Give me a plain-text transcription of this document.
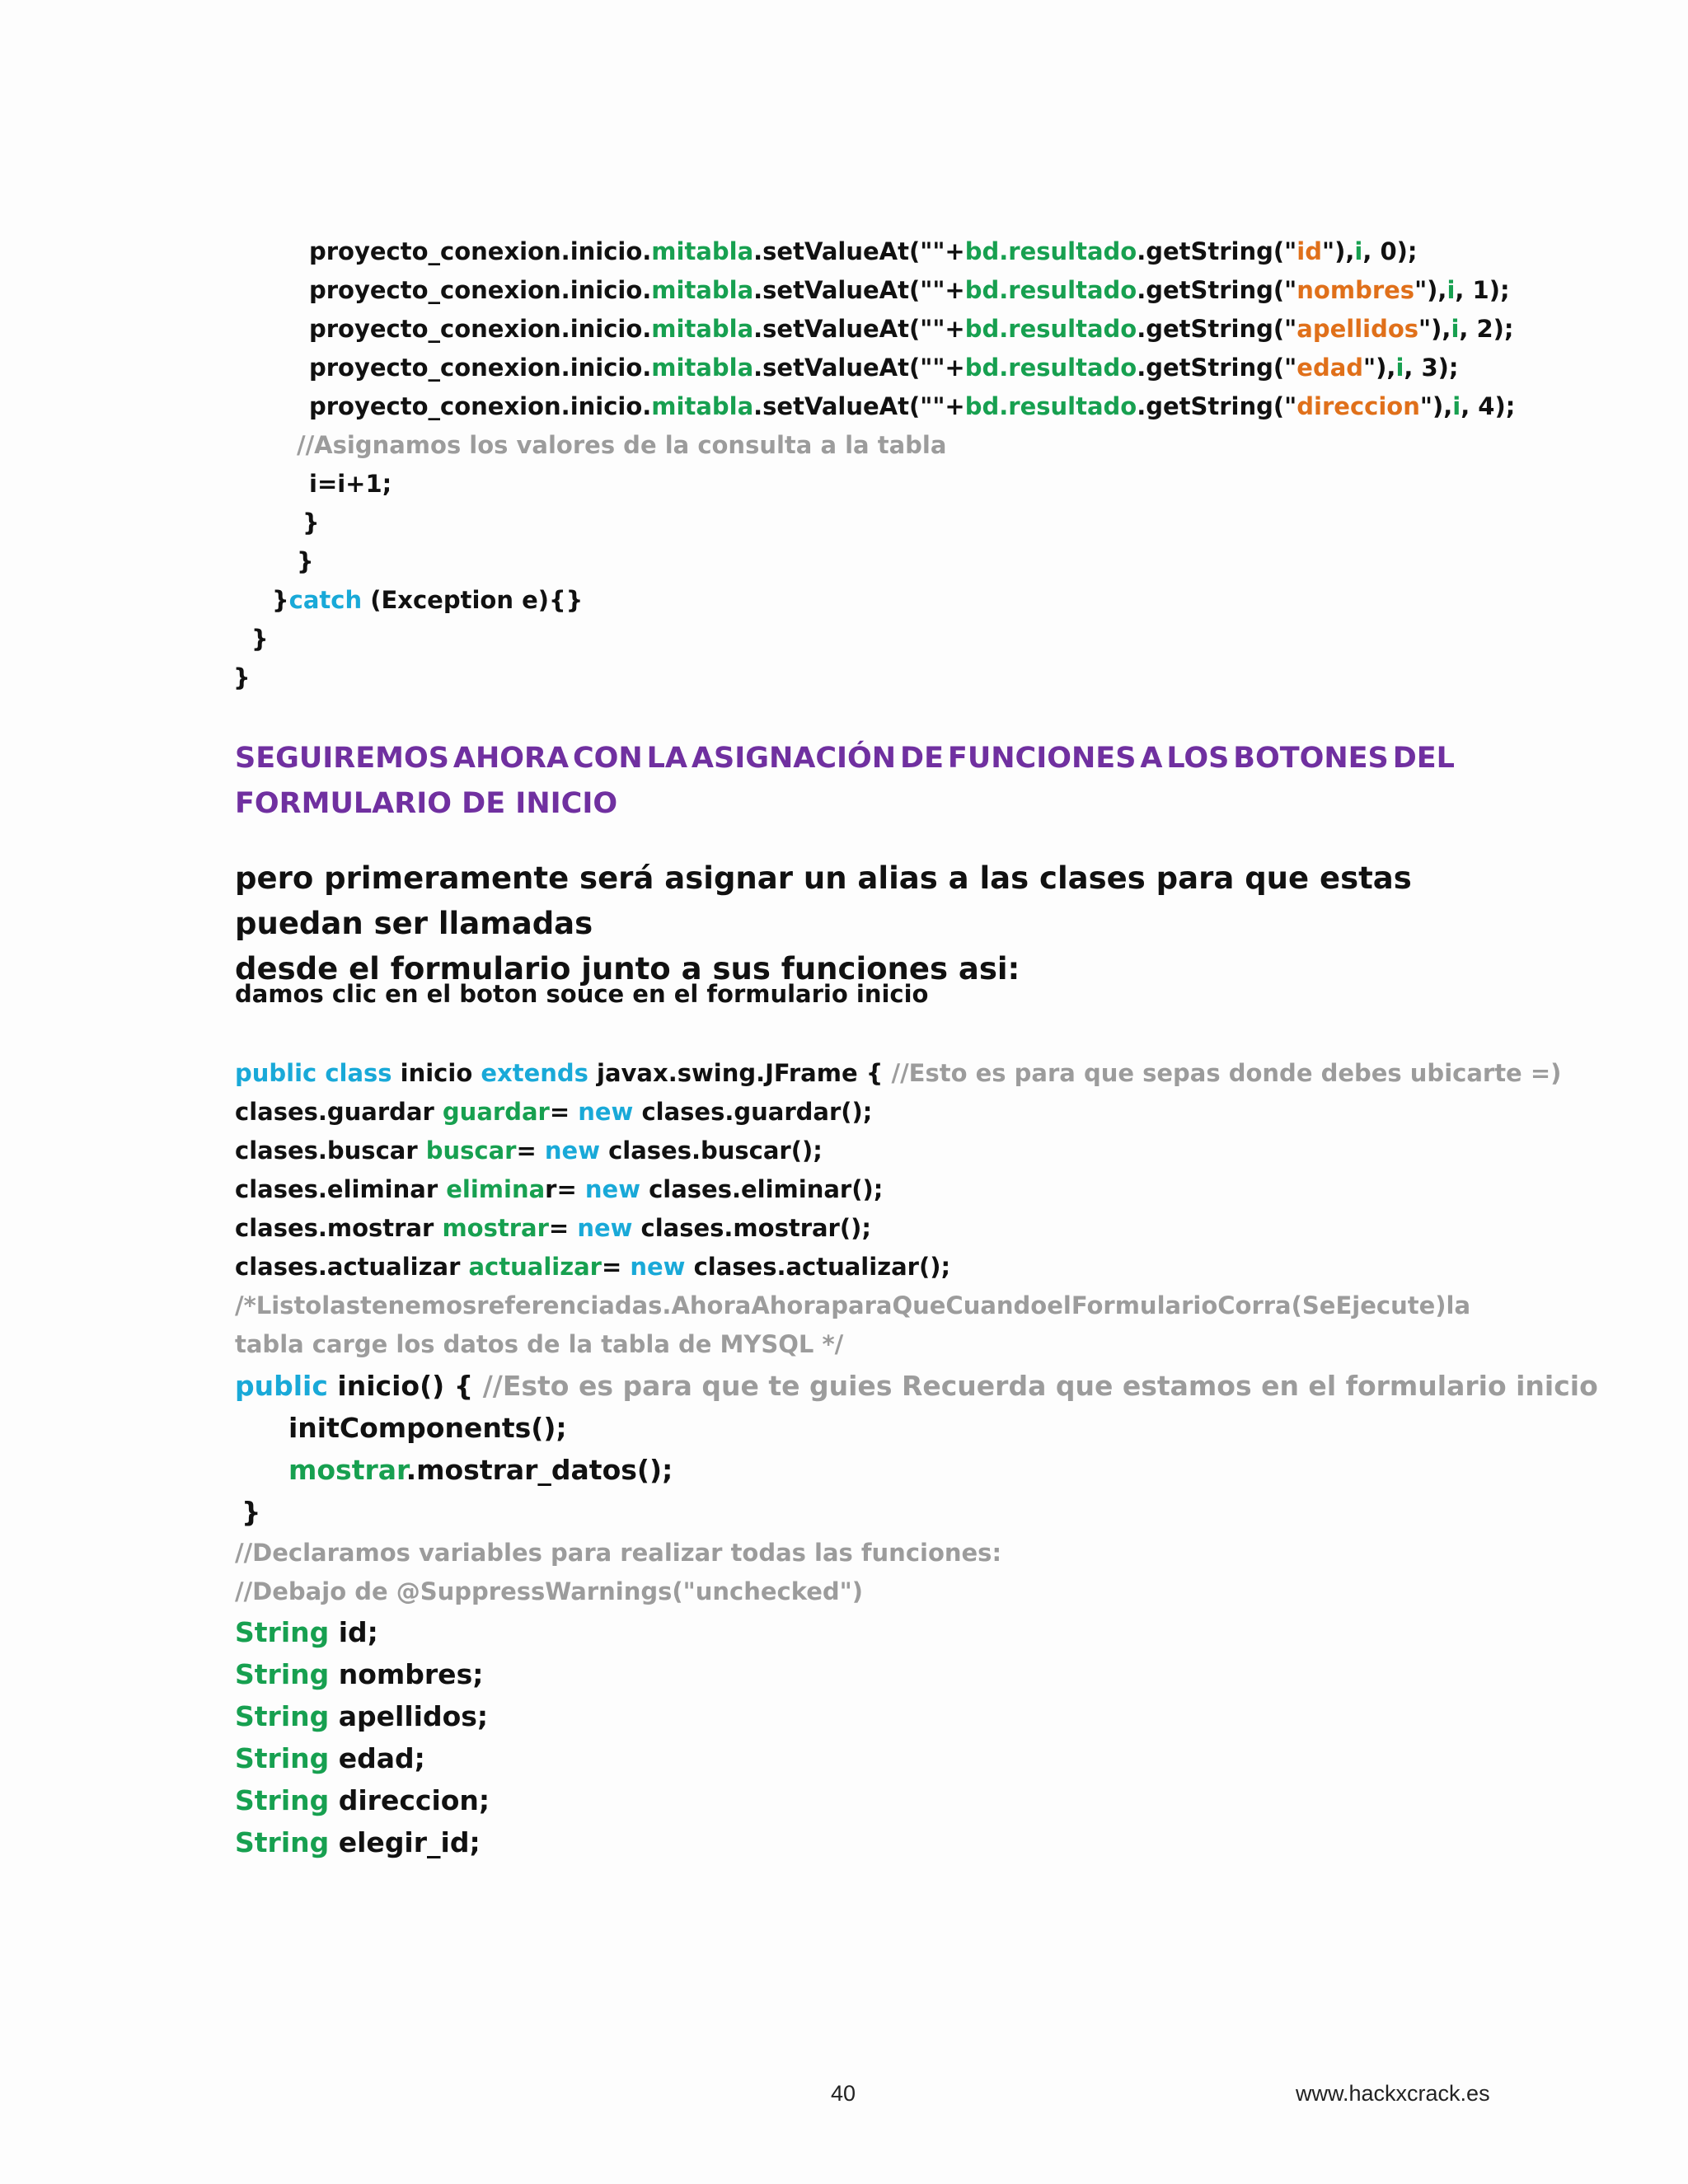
proyecto_conexion.inicio.mitabla.setValueAt(""+bd.resultado.getString("id"),i, 0);
proyecto_conexion.inicio.mitabla.setValueAt(""+bd.resultado.getString("nombres"),i, 1);
proyecto_conexion.inicio.mitabla.setValueAt(""+bd.resultado.getString("apellidos"),i, 2);
proyecto_conexion.inicio.mitabla.setValueAt(""+bd.resultado.getString("edad"),i, 3);
proyecto_conexion.inicio.mitabla.setValueAt(""+bd.resultado.getString("direccion"),i, 4);
//Asignamos los valores de la consulta a la tabla
i=i+1;
}
}
}catch (Exception e){}
}
}
SEGUIREMOS AHORA CON LA ASIGNACIÓN DE FUNCIONES A LOS BOTONES DEL
FORMULARIO DE INICIO
pero primeramente será asignar un alias a las clases para que estas puedan ser llamadas
desde el formulario junto a sus funciones asi:
damos clic en el boton souce en el formulario inicio
public class inicio extends javax.swing.JFrame { //Esto es para que sepas donde debes ubicarte =)
clases.guardar guardar= new clases.guardar();
clases.buscar buscar= new clases.buscar();
clases.eliminar eliminar= new clases.eliminar();
clases.mostrar mostrar= new clases.mostrar();
clases.actualizar actualizar= new clases.actualizar();
/*Listo las tenemos referenciadas. Ahora Ahora para Que Cuando el Formulario Corra ( Se Ejecute ) la
tabla carge los datos de la tabla de MYSQL */
public inicio() { //Esto es para que te guies Recuerda que estamos en el formulario inicio
initComponents();
mostrar.mostrar_datos();
}
//Declaramos variables para realizar todas las funciones:
//Debajo de @SuppressWarnings("unchecked")
String id;
String nombres;
String apellidos;
String edad;
String direccion;
String elegir_id;
40	www.hackxcrack.es
